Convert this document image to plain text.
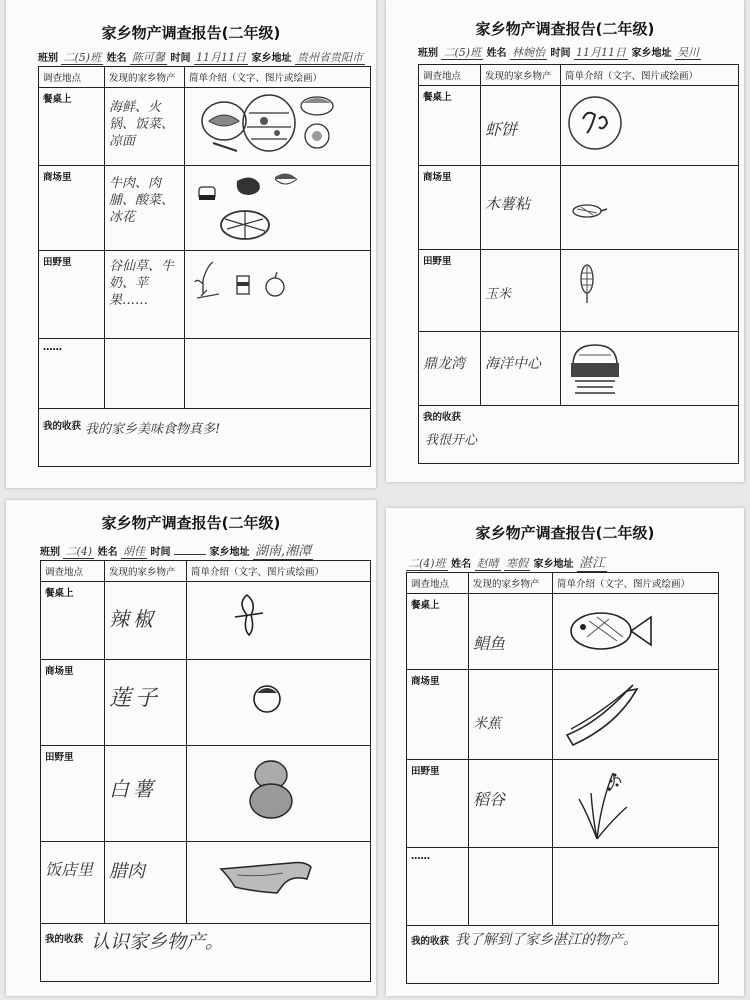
家乡物产调查报告(二年级)
班别 二(5)班 姓名 陈可馨 时间 11月11日 家乡地址 贵州省贵阳市
调查地点	发现的家乡物产	简单介绍（文字、图片或绘画）
餐桌上	海鲜、火锅、饭菜、凉面

商场里	牛肉、肉脯、酸菜、冰花

田野里	谷仙草、牛奶、苹果……

……		

我的收获 我的家乡美味食物真多!		
家乡物产调查报告(二年级)
班别 二(5)班 姓名 林婉怡 时间 11月11日 家乡地址 吴川
调查地点	发现的家乡物产	简单介绍（文字、图片或绘画）
餐桌上	虾饼

商场里	木薯粘

田野里	玉米

鼎龙湾	海洋中心

我的收获
我很开心		
家乡物产调查报告(二年级)
班别 二(4) 姓名 胡佳 时间	家乡地址 湖南,湘潭
调查地点	发现的家乡物产	简单介绍（文字、图片或绘画）
餐桌上	辣椒

商场里	莲子

田野里	白薯

饭店里	腊肉

我的收获 认识家乡物产。		
家乡物产调查报告(二年级)
二(4)班 姓名 赵晴 寒假 家乡地址 湛江
调查地点	发现的家乡物产	简单介绍（文字、图片或绘画）
餐桌上	鲳鱼

商场里	米蕉

田野里	稻谷

……		

我的收获 我了解到了家乡湛江的物产。		
